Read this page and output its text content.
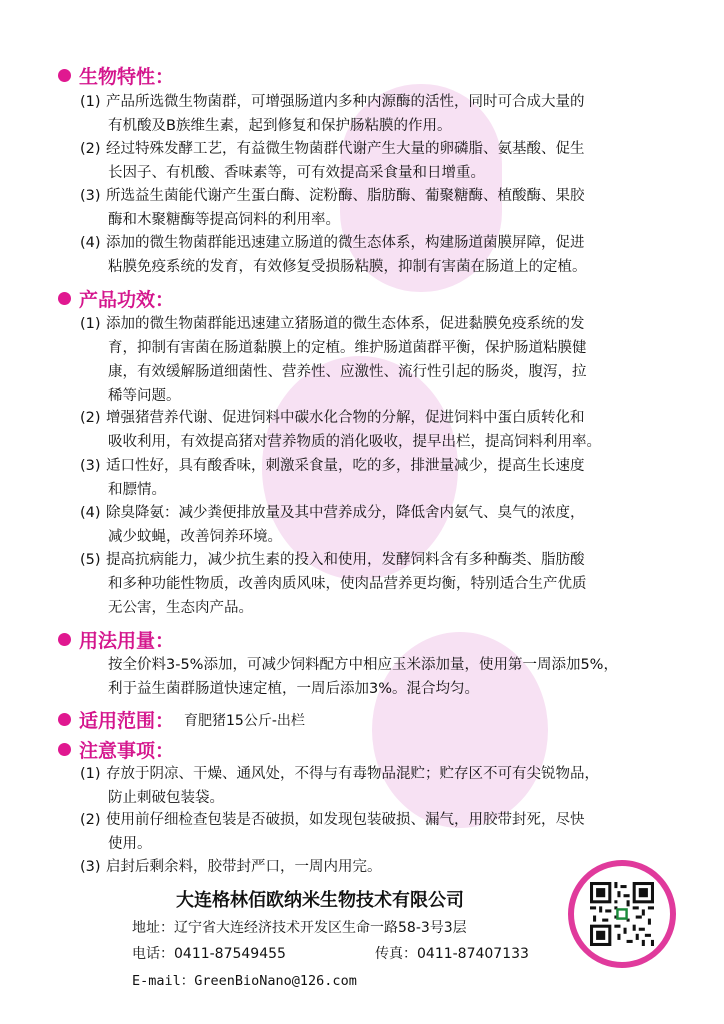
生物特性：
(1) 产品所选微生物菌群，可增强肠道内多种内源酶的活性，同时可合成大量的
有机酸及B族维生素，起到修复和保护肠粘膜的作用。
(2) 经过特殊发酵工艺，有益微生物菌群代谢产生大量的卵磷脂、氨基酸、促生
长因子、有机酸、香味素等，可有效提高采食量和日增重。
(3) 所选益生菌能代谢产生蛋白酶、淀粉酶、脂肪酶、葡聚糖酶、植酸酶、果胶
酶和木聚糖酶等提高饲料的利用率。
(4) 添加的微生物菌群能迅速建立肠道的微生态体系，构建肠道菌膜屏障，促进
粘膜免疫系统的发育，有效修复受损肠粘膜，抑制有害菌在肠道上的定植。
产品功效：
(1) 添加的微生物菌群能迅速建立猪肠道的微生态体系，促进黏膜免疫系统的发
育，抑制有害菌在肠道黏膜上的定植。维护肠道菌群平衡，保护肠道粘膜健
康，有效缓解肠道细菌性、营养性、应激性、流行性引起的肠炎，腹泻，拉
稀等问题。
(2) 增强猪营养代谢、促进饲料中碳水化合物的分解，促进饲料中蛋白质转化和
吸收利用，有效提高猪对营养物质的消化吸收，提早出栏，提高饲料利用率。
(3) 适口性好，具有酸香味，刺激采食量，吃的多，排泄量减少，提高生长速度
和膘情。
(4) 除臭降氨：减少粪便排放量及其中营养成分，降低舍内氨气、臭气的浓度，
减少蚊蝇，改善饲养环境。
(5) 提高抗病能力，减少抗生素的投入和使用，发酵饲料含有多种酶类、脂肪酸
和多种功能性物质，改善肉质风味，使肉品营养更均衡，特别适合生产优质
无公害，生态肉产品。
用法用量：
按全价料3-5%添加，可减少饲料配方中相应玉米添加量，使用第一周添加5%，
利于益生菌群肠道快速定植，一周后添加3%。混合均匀。
适用范围： 育肥猪15公斤-出栏
注意事项：
(1) 存放于阴凉、干燥、通风处，不得与有毒物品混贮；贮存区不可有尖锐物品，
防止刺破包装袋。
(2) 使用前仔细检查包装是否破损，如发现包装破损、漏气，用胶带封死，尽快
使用。
(3) 启封后剩余料，胶带封严口，一周内用完。
大连格林佰欧纳米生物技术有限公司
地址：辽宁省大连经济技术开发区生命一路58-3号3层
电话：0411-87549455	传真：0411-87407133
E-mail：GreenBioNano@126.com
